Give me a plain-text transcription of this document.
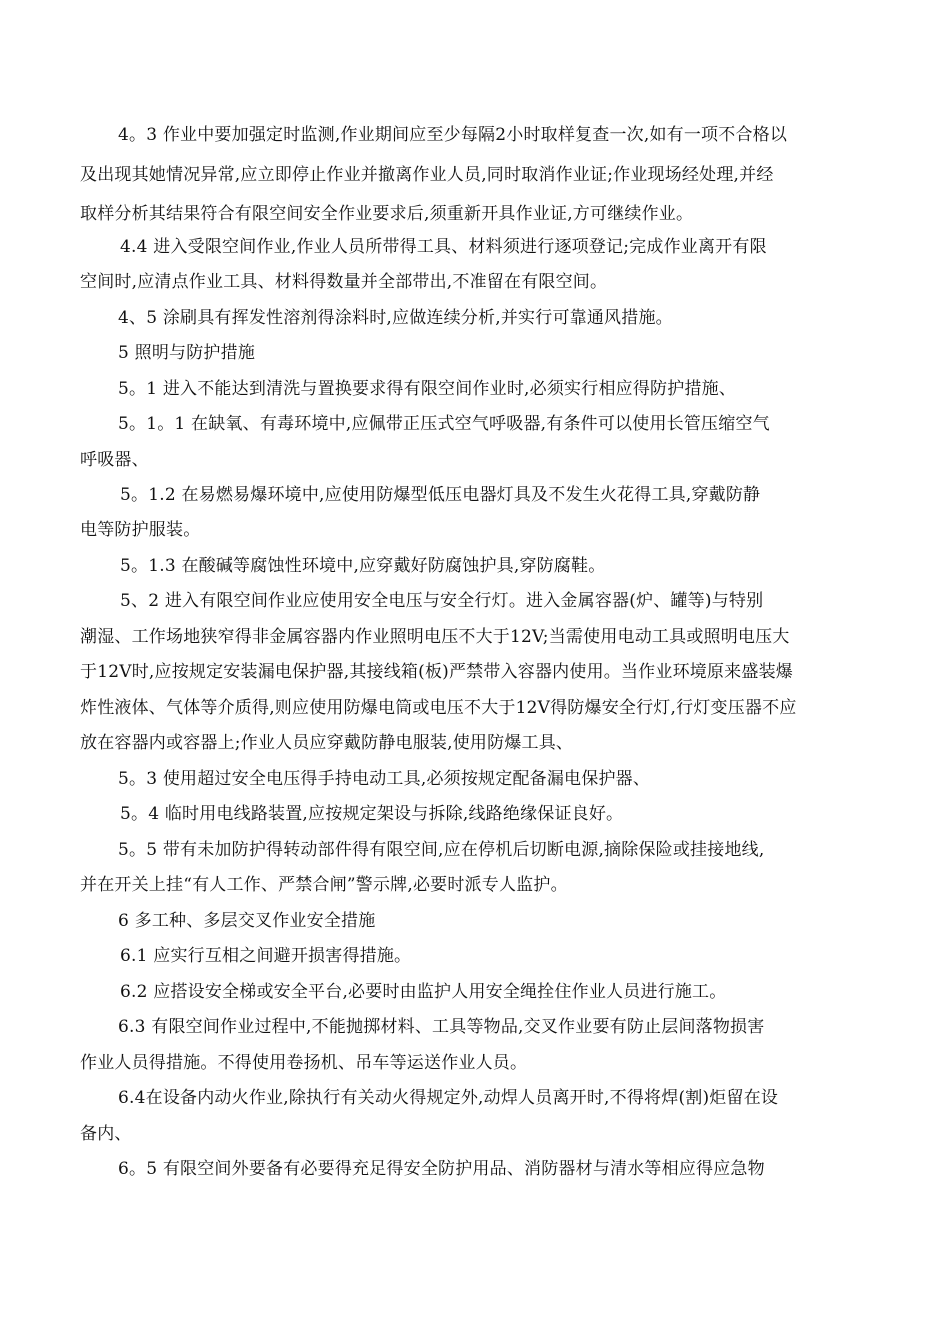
4。3 作业中要加强定时监测,作业期间应至少每隔2小时取样复查一次,如有一项不合格以
及出现其她情况异常,应立即停止作业并撤离作业人员,同时取消作业证;作业现场经处理,并经
取样分析其结果符合有限空间安全作业要求后,须重新开具作业证,方可继续作业。
4.4 进入受限空间作业,作业人员所带得工具、材料须进行逐项登记;完成作业离开有限
空间时,应清点作业工具、材料得数量并全部带出,不准留在有限空间。
4、5 涂刷具有挥发性溶剂得涂料时,应做连续分析,并实行可靠通风措施。
5 照明与防护措施
5。1 进入不能达到清洗与置换要求得有限空间作业时,必须实行相应得防护措施、
5。1。1 在缺氧、有毒环境中,应佩带正压式空气呼吸器,有条件可以使用长管压缩空气
呼吸器、
5。1.2 在易燃易爆环境中,应使用防爆型低压电器灯具及不发生火花得工具,穿戴防静
电等防护服装。
5。1.3 在酸碱等腐蚀性环境中,应穿戴好防腐蚀护具,穿防腐鞋。
5、2 进入有限空间作业应使用安全电压与安全行灯。进入金属容器(炉、罐等)与特别
潮湿、工作场地狭窄得非金属容器内作业照明电压不大于12V;当需使用电动工具或照明电压大
于12V时,应按规定安装漏电保护器,其接线箱(板)严禁带入容器内使用。当作业环境原来盛装爆
炸性液体、气体等介质得,则应使用防爆电筒或电压不大于12V得防爆安全行灯,行灯变压器不应
放在容器内或容器上;作业人员应穿戴防静电服装,使用防爆工具、
5。3 使用超过安全电压得手持电动工具,必须按规定配备漏电保护器、
5。4 临时用电线路装置,应按规定架设与拆除,线路绝缘保证良好。
5。5 带有未加防护得转动部件得有限空间,应在停机后切断电源,摘除保险或挂接地线,
并在开关上挂“有人工作、严禁合闸”警示牌,必要时派专人监护。
6 多工种、多层交叉作业安全措施
6.1 应实行互相之间避开损害得措施。
6.2 应搭设安全梯或安全平台,必要时由监护人用安全绳拴住作业人员进行施工。
6.3 有限空间作业过程中,不能抛掷材料、工具等物品,交叉作业要有防止层间落物损害
作业人员得措施。不得使用卷扬机、吊车等运送作业人员。
6.4在设备内动火作业,除执行有关动火得规定外,动焊人员离开时,不得将焊(割)炬留在设
备内、
6。5 有限空间外要备有必要得充足得安全防护用品、消防器材与清水等相应得应急物
